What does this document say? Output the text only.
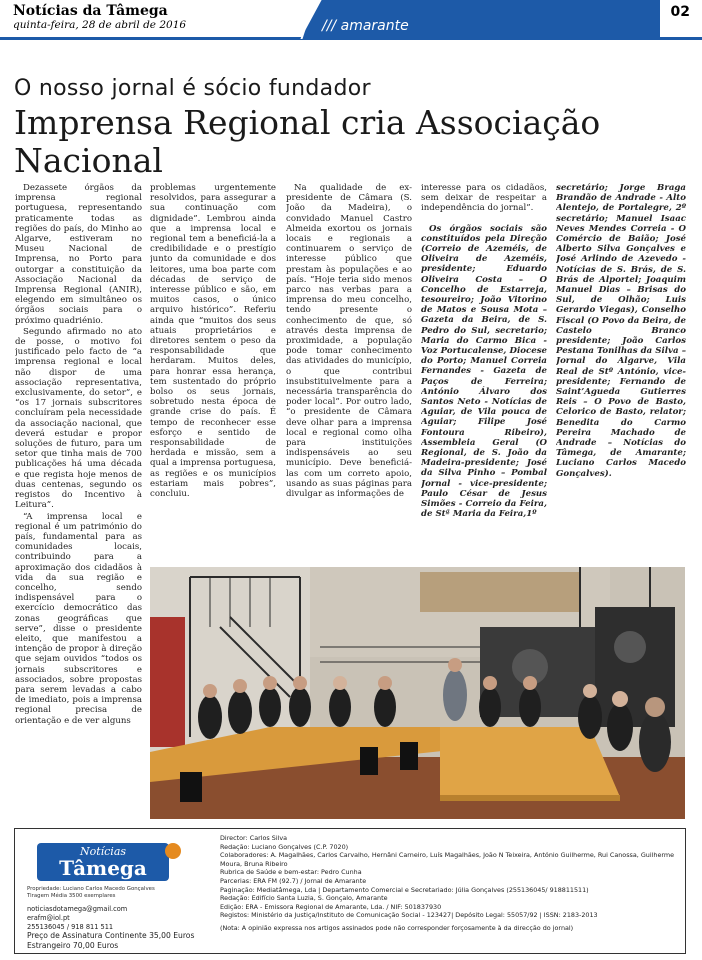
Notícias da Tâmega
quinta-feira, 28 de abril de 2016	/// amarante
02
O nosso jornal é sócio fundador
Imprensa Regional cria Associação Nacional

Dezassete órgãos da imprensa regional portuguesa, representando praticamente todas as regiões do país, do Minho ao Algarve, estiveram no Museu Nacional de Imprensa, no Porto para outorgar a constituição da Associação Nacional da Imprensa Regional (ANIR), elegendo em simultâneo os órgãos sociais para o próximo quadriénio.

Segundo afirmado no ato de posse, o motivo foi justificado pelo facto de “a imprensa regional e local não dispor de uma associação representativa, exclusivamente, do setor”, e “os 17 jornais subscritores concluíram pela necessidade da associação nacional, que deverá estudar e propor soluções de futuro, para um setor que tinha mais de 700 publicações há uma década e que regista hoje menos de duas centenas, segundo os registos do Incentivo à Leitura”.

“A imprensa local e regional é um património do país, fundamental para as comunidades locais, contribuindo para a aproximação dos cidadãos à vida da sua região e concelho, sendo indispensável para o exercício democrático das zonas geográficas que serve”, disse o presidente eleito, que manifestou a intenção de propor à direção que sejam ouvidos “todos os jornais subscritores e associados, sobre propostas para serem levadas a cabo de imediato, pois a imprensa regional precisa de orientação e de ver alguns

problemas urgentemente resolvidos, para assegurar a sua continuação com dignidade”. Lembrou ainda que a imprensa local e regional tem a beneficiá-la a credibilidade e o prestígio junto da comunidade e dos leitores, uma boa parte com décadas de serviço de interesse público e são, em muitos casos, o único arquivo histórico”. Referiu ainda que “muitos dos seus atuais proprietários e diretores sentem o peso da responsabilidade que herdaram. Muitos deles, para honrar essa herança, tem sustentado do próprio bolso os seus jornais, sobretudo nesta época de grande crise do país. É tempo de reconhecer esse esforço e sentido de responsabilidade de herdada e missão, sem a qual a imprensa portuguesa, as regiões e os municípios estariam mais pobres”, concluiu.

Na qualidade de ex-presidente de Câmara (S. João da Madeira), o convidado Manuel Castro Almeida exortou os jornais locais e regionais a continuarem o serviço de interesse público que prestam às populações e ao país. “Hoje teria sido menos parco nas verbas para a imprensa do meu concelho, tendo presente o conhecimento de que, só através desta imprensa de proximidade, a população pode tomar conhecimento das atividades do município, o que contribui insubstituivelmente para a necessária transparência do poder local”. Por outro lado, “o presidente de Câmara deve olhar para a imprensa local e regional como olha para instituições indispensáveis ao seu município. Deve beneficiá-las com um correto apoio, usando as suas páginas para divulgar as informações de

interesse para os cidadãos, sem deixar de respeitar a independência do jornal”.

Os órgãos sociais são constituídos pela Direção (Correio de Azeméis, de Oliveira de Azeméis, presidente; Eduardo Oliveira Costa – O Concelho de Estarreja, tesoureiro; João Vitorino de Matos e Sousa Mota – Gazeta da Beira, de S. Pedro do Sul, secretario; Maria do Carmo Bica - Voz Portucalense, Diocese do Porto; Manuel Correia Fernandes - Gazeta de Paços de Ferreira; António Álvaro dos Santos Neto - Notícias de Aguiar, de Vila pouca de Aguiar; Filipe José Fontoura Ribeiro), Assembleia Geral (O Regional, de S. João da Madeira-presidente; José da Silva Pinho – Pombal Jornal - vice-presidente; Paulo César de Jesus Simões - Correio da Feira, de Stª Maria da Feira,1º

secretário; Jorge Braga Brandão de Andrade - Alto Alentejo, de Portalegre, 2º secretário; Manuel Isaac Neves Mendes Correia - O Comércio de Baião; José Alberto Silva Gonçalves e José Arlindo de Azevedo - Notícias de S. Brás, de S. Brás de Alportel; Joaquim Manuel Dias – Brisas do Sul, de Olhão; Luis Gerardo Viegas), Conselho Fiscal (O Povo da Beira, de Castelo Branco presidente; João Carlos Pestana Tonilhas da Silva – Jornal do Algarve, Vila Real de Stº António, vice-presidente; Fernando de Saint’Agueda Gutierres Reis – O Povo de Basto, Celorico de Basto, relator; Benedita do Carmo Pereira Machado de Andrade – Notícias do Tâmega, de Amarante; Luciano Carlos Macedo Gonçalves).

Notícias
Tâmega
Propriedade: Luciano Carlos Macedo Gonçalves
Tiragem Média 3500 exemplares
noticiasdotamega@gmail.com
erafm@iol.pt
255136045 / 918 811 511
Preço de Assinatura Continente 35,00 Euros
Estrangeiro 70,00 Euros
Director: Carlos Silva
Redação: Luciano Gonçalves (C.P. 7020)
Colaboradores: A. Magalhães, Carlos Carvalho, Hernâni Carneiro, Luís Magalhães, João N Teixeira, António Guilherme, Rui Canossa, Guilherme Moura, Bruna Ribeiro
Rubrica de Saúde e bem-estar: Pedro Cunha
Parcerias: ERA FM (92.7) / Jornal de Amarante
Paginação: Mediatâmega, Lda | Departamento Comercial e Secretariado: Júlia Gonçalves (255136045/ 918811511)
Redação: Edifício Santa Luzia, S. Gonçalo, Amarante
Edição: ERA - Emissora Regional de Amarante, Lda. / NIF: 501837930
Registos: Ministério da Justiça/Instituto de Comunicação Social - 123427| Depósito Legal: 55057/92 | ISSN: 2183-2013
(Nota: A opinião expressa nos artigos assinados pode não corresponder forçosamente à da direcção do jornal)
